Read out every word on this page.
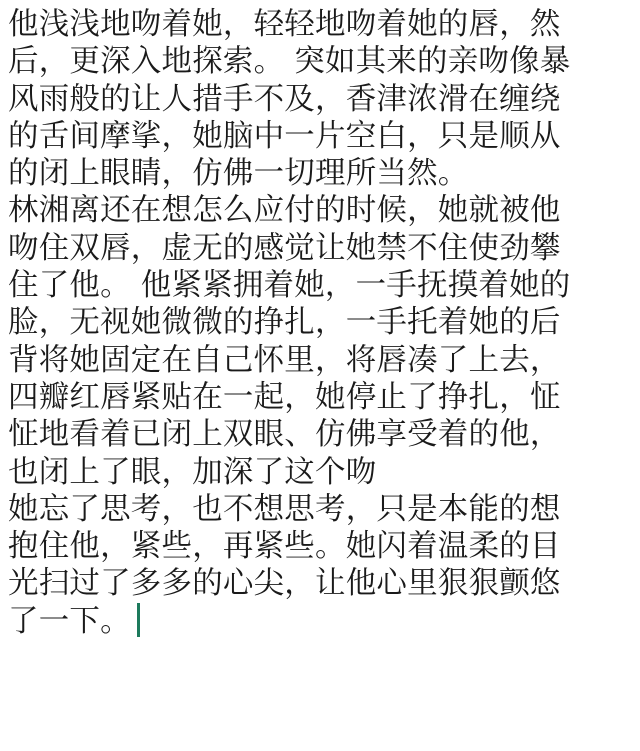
他浅浅地吻着她，轻轻地吻着她的唇，然
后，更深入地探索。 突如其来的亲吻像暴
风雨般的让人措手不及，香津浓滑在缠绕
的舌间摩挲，她脑中一片空白，只是顺从
的闭上眼睛，仿佛一切理所当然。
林湘离还在想怎么应付的时候，她就被他
吻住双唇，虚无的感觉让她禁不住使劲攀
住了他。 他紧紧拥着她，一手抚摸着她的
脸，无视她微微的挣扎，一手托着她的后
背将她固定在自己怀里，将唇凑了上去，
四瓣红唇紧贴在一起，她停止了挣扎，怔
怔地看着已闭上双眼、仿佛享受着的他，
也闭上了眼，加深了这个吻
她忘了思考，也不想思考，只是本能的想
抱住他，紧些，再紧些。她闪着温柔的目
光扫过了多多的心尖，让他心里狠狠颤悠
了一下。
